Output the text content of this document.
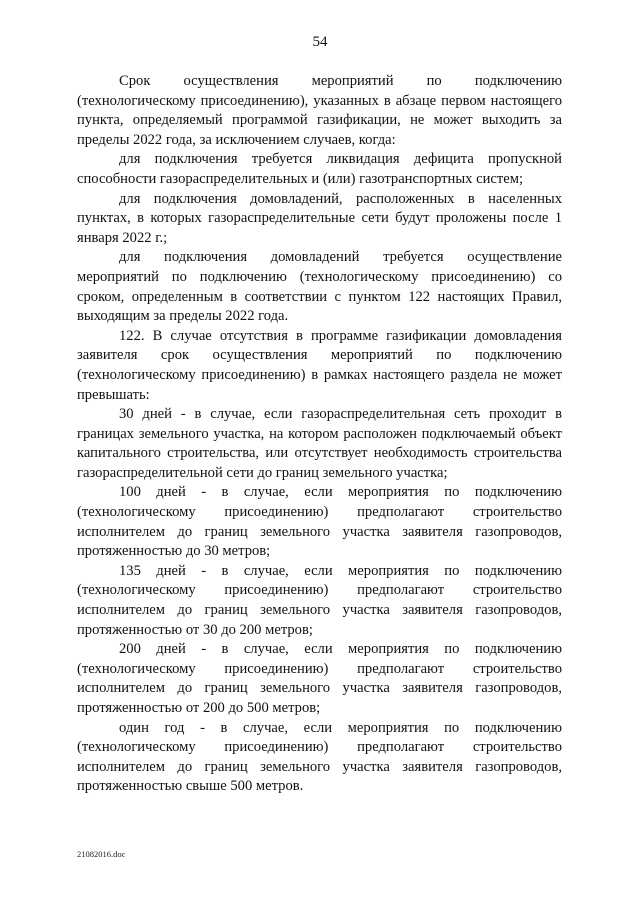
54

Срок осуществления мероприятий по подключению (технологическому присоединению), указанных в абзаце первом настоящего пункта, определяемый программой газификации, не может выходить за пределы 2022 года, за исключением случаев, когда:

для подключения требуется ликвидация дефицита пропускной способности газораспределительных и (или) газотранспортных систем;

для подключения домовладений, расположенных в населенных пунктах, в которых газораспределительные сети будут проложены после 1 января 2022 г.;

для подключения домовладений требуется осуществление мероприятий по подключению (технологическому присоединению) со сроком, определенным в соответствии с пунктом 122 настоящих Правил, выходящим за пределы 2022 года.

122. В случае отсутствия в программе газификации домовладения заявителя срок осуществления мероприятий по подключению (технологическому присоединению) в рамках настоящего раздела не может превышать:

30 дней - в случае, если газораспределительная сеть проходит в границах земельного участка, на котором расположен подключаемый объект капитального строительства, или отсутствует необходимость строительства газораспределительной сети до границ земельного участка;

100 дней - в случае, если мероприятия по подключению (технологическому присоединению) предполагают строительство исполнителем до границ земельного участка заявителя газопроводов, протяженностью до 30 метров;

135 дней - в случае, если мероприятия по подключению (технологическому присоединению) предполагают строительство исполнителем до границ земельного участка заявителя газопроводов, протяженностью от 30 до 200 метров;

200 дней - в случае, если мероприятия по подключению (технологическому присоединению) предполагают строительство исполнителем до границ земельного участка заявителя газопроводов, протяженностью от 200 до 500 метров;

один год - в случае, если мероприятия по подключению (технологическому присоединению) предполагают строительство исполнителем до границ земельного участка заявителя газопроводов, протяженностью свыше 500 метров.

21082016.doc
